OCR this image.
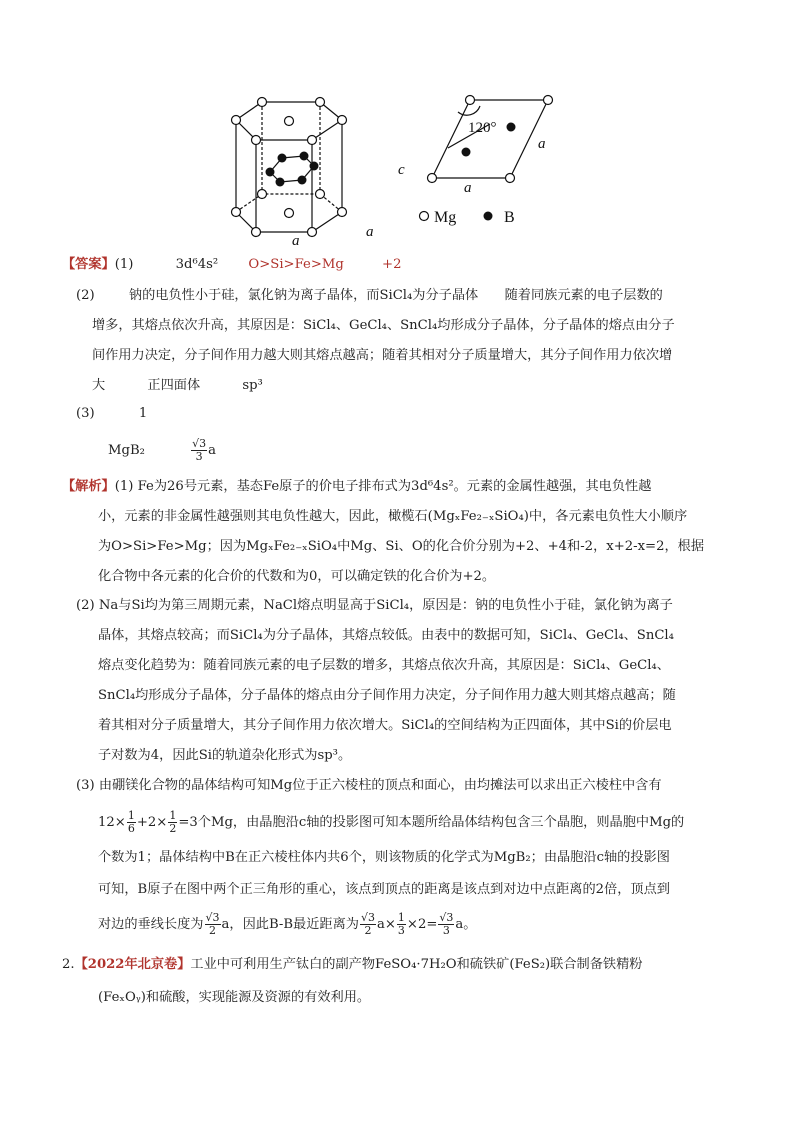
c
a
a
120°
a
a
Mg	B
【答案】(1)	3d⁶4s² O>Si>Fe>Mg	+2
(2)	钠的电负性小于硅，氯化钠为离子晶体，而SiCl₄为分子晶体　　随着同族元素的电子层数的
增多，其熔点依次升高，其原因是：SiCl₄、GeCl₄、SnCl₄均形成分子晶体，分子晶体的熔点由分子
间作用力决定，分子间作用力越大则其熔点越高；随着其相对分子质量增大，其分子间作用力依次增
大	正四面体	sp³
(3)	1
MgB₂	$\frac{√3}{3}$ a
【解析】(1) Fe为26号元素，基态Fe原子的价电子排布式为3d⁶4s²。元素的金属性越强，其电负性越
小，元素的非金属性越强则其电负性越大，因此，橄榄石(MgₓFe₂₋ₓSiO₄)中，各元素电负性大小顺序
为O>Si>Fe>Mg；因为MgₓFe₂₋ₓSiO₄中Mg、Si、O的化合价分别为+2、+4和-2，x+2-x=2，根据
化合物中各元素的化合价的代数和为0，可以确定铁的化合价为+2。
(2) Na与Si均为第三周期元素，NaCl熔点明显高于SiCl₄，原因是：钠的电负性小于硅，氯化钠为离子
晶体，其熔点较高；而SiCl₄为分子晶体，其熔点较低。由表中的数据可知，SiCl₄、GeCl₄、SnCl₄
熔点变化趋势为：随着同族元素的电子层数的增多，其熔点依次升高，其原因是：SiCl₄、GeCl₄、
SnCl₄均形成分子晶体，分子晶体的熔点由分子间作用力决定，分子间作用力越大则其熔点越高；随
着其相对分子质量增大，其分子间作用力依次增大。SiCl₄的空间结构为正四面体，其中Si的价层电
子对数为4，因此Si的轨道杂化形式为sp³。
(3) 由硼镁化合物的晶体结构可知Mg位于正六棱柱的顶点和面心，由均摊法可以求出正六棱柱中含有
$12\times \frac{1}{6} +2\times \frac{1}{2} =3$个Mg，由晶胞沿c轴的投影图可知本题所给晶体结构包含三个晶胞，则晶胞中Mg的
个数为1；晶体结构中B在正六棱柱体内共6个，则该物质的化学式为MgB₂；由晶胞沿c轴的投影图
可知，B原子在图中两个正三角形的重心，该点到顶点的距离是该点到对边中点距离的2倍，顶点到
对边的垂线长度为 $\frac{√3}{2}$ a，因此B-B最近距离为 $\frac{√3}{2} a\times \frac{1}{3} \times 2= \frac{√3}{3}$ a。
2.【2022年北京卷】工业中可利用生产钛白的副产物FeSO₄·7H₂O和硫铁矿(FeS₂)联合制备铁精粉
(FeₓOᵧ)和硫酸，实现能源及资源的有效利用。
